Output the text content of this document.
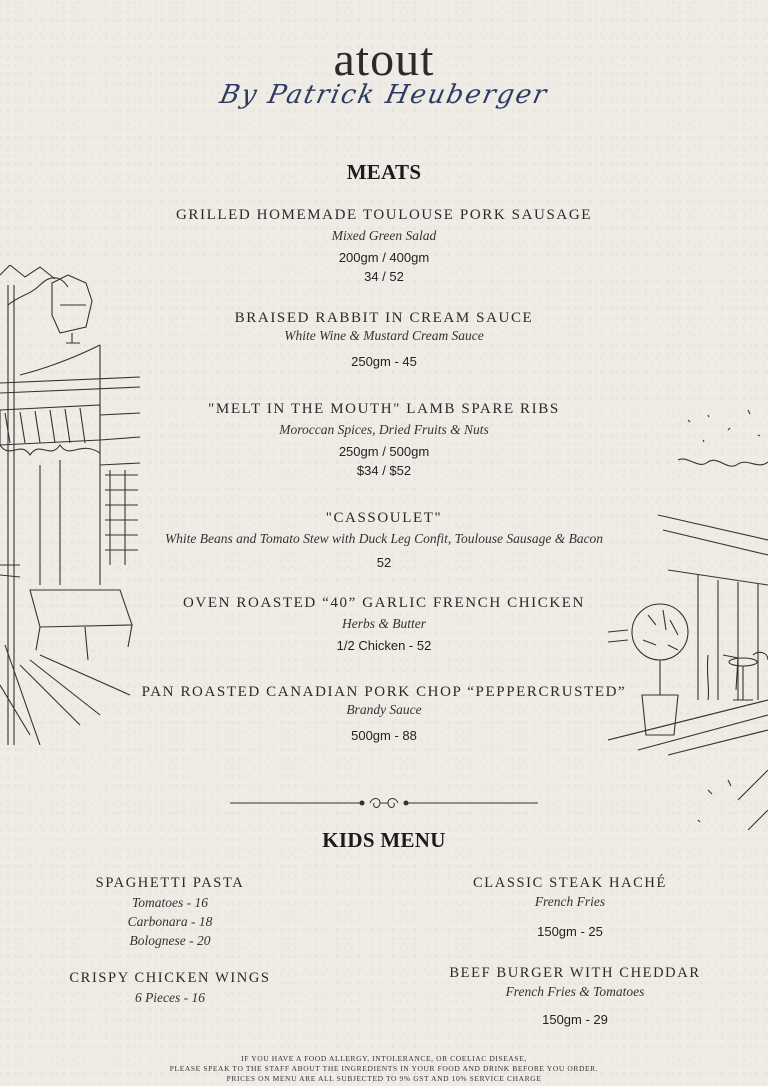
atout
By Patrick Heuberger
MEATS
GRILLED HOMEMADE TOULOUSE PORK SAUSAGE
Mixed Green Salad
200gm / 400gm
34 / 52
BRAISED RABBIT IN CREAM SAUCE
White Wine & Mustard Cream Sauce
250gm - 45
"MELT IN THE MOUTH" LAMB SPARE RIBS
Moroccan Spices, Dried Fruits & Nuts
250gm / 500gm
$34 / $52
"CASSOULET"
White Beans and Tomato Stew with Duck Leg Confit, Toulouse Sausage & Bacon
52
OVEN ROASTED “40” GARLIC FRENCH CHICKEN
Herbs & Butter
1/2 Chicken - 52
PAN ROASTED CANADIAN PORK CHOP “PEPPERCRUSTED”
Brandy Sauce
500gm - 88
KIDS MENU
SPAGHETTI PASTA
Tomatoes - 16
Carbonara - 18
Bolognese - 20
CRISPY CHICKEN WINGS
6 Pieces - 16
CLASSIC STEAK HACHÉ
French Fries
150gm - 25
BEEF BURGER WITH CHEDDAR
French Fries & Tomatoes
150gm - 29
IF YOU HAVE A FOOD ALLERGY, INTOLERANCE, OR COELIAC DISEASE,
PLEASE SPEAK TO THE STAFF ABOUT THE INGREDIENTS IN YOUR FOOD AND DRINK BEFORE YOU ORDER.
PRICES ON MENU ARE ALL SUBJECTED TO 9% GST AND 10% SERVICE CHARGE
